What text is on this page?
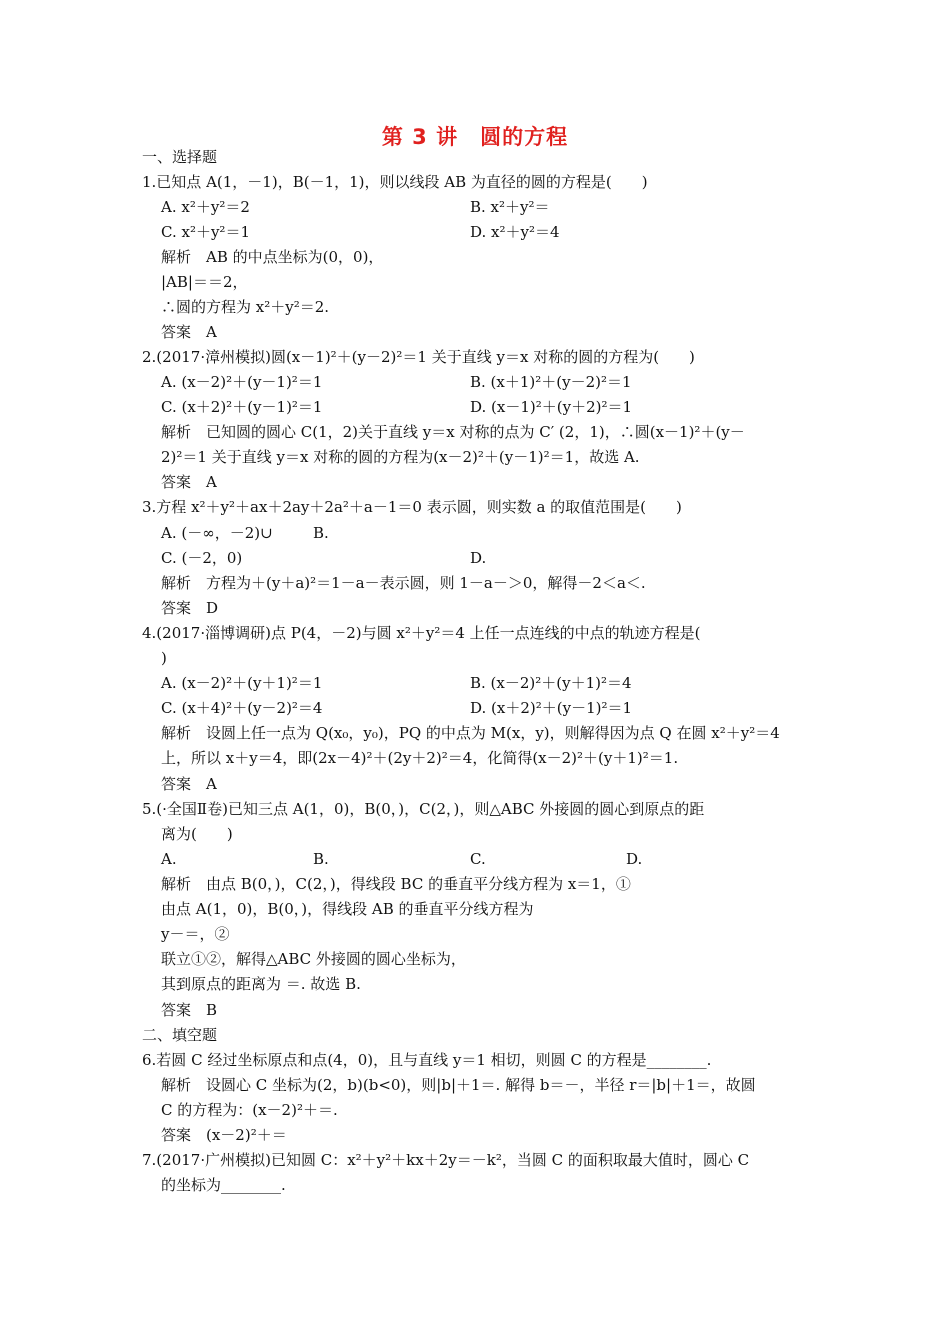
第 3 讲　圆的方程
一、选择题
1.已知点 A(1，－1)，B(－1，1)，则以线段 AB 为直径的圆的方程是(　　)
A. x²＋y²＝2	B. x²＋y²＝
C. x²＋y²＝1	D. x²＋y²＝4
解析　AB 的中点坐标为(0，0)，
|AB|＝＝2，
∴圆的方程为 x²＋y²＝2.
答案　A
2.(2017·漳州模拟)圆(x－1)²＋(y－2)²＝1 关于直线 y＝x 对称的圆的方程为(　　)
A. (x－2)²＋(y－1)²＝1	B. (x＋1)²＋(y－2)²＝1
C. (x＋2)²＋(y－1)²＝1	D. (x－1)²＋(y＋2)²＝1
解析　已知圆的圆心 C(1，2)关于直线 y＝x 对称的点为 C′ (2，1)，∴圆(x－1)²＋(y－
2)²＝1 关于直线 y＝x 对称的圆的方程为(x－2)²＋(y－1)²＝1，故选 A.
答案　A
3.方程 x²＋y²＋ax＋2ay＋2a²＋a－1＝0 表示圆，则实数 a 的取值范围是(　　)
A. (－∞，－2)∪	B.
C. (－2，0)	D.
解析　方程为＋(y＋a)²＝1－a－表示圆，则 1－a－＞0，解得－2＜a＜.
答案　D
4.(2017·淄博调研)点 P(4，－2)与圆 x²＋y²＝4 上任一点连线的中点的轨迹方程是(
)
A. (x－2)²＋(y＋1)²＝1	B. (x－2)²＋(y＋1)²＝4
C. (x＋4)²＋(y－2)²＝4	D. (x＋2)²＋(y－1)²＝1
解析　设圆上任一点为 Q(x₀，y₀)，PQ 的中点为 M(x，y)，则解得因为点 Q 在圆 x²＋y²＝4
上，所以 x＋y＝4，即(2x－4)²＋(2y＋2)²＝4，化简得(x－2)²＋(y＋1)²＝1.
答案　A
5.(·全国Ⅱ卷)已知三点 A(1，0)，B(0，)，C(2，)，则△ABC 外接圆的圆心到原点的距
离为(　　)
A.	B.	C.	D.
解析　由点 B(0，)，C(2，)，得线段 BC 的垂直平分线方程为 x＝1，①
由点 A(1，0)，B(0，)，得线段 AB 的垂直平分线方程为
y－＝，②
联立①②，解得△ABC 外接圆的圆心坐标为，
其到原点的距离为 ＝. 故选 B.
答案　B
二、填空题
6.若圆 C 经过坐标原点和点(4，0)，且与直线 y＝1 相切，则圆 C 的方程是________.
解析　设圆心 C 坐标为(2，b)(b<0)，则|b|＋1＝. 解得 b＝－，半径 r＝|b|＋1＝，故圆
C 的方程为：(x－2)²＋＝.
答案　(x－2)²＋＝
7.(2017·广州模拟)已知圆 C：x²＋y²＋kx＋2y＝－k²，当圆 C 的面积取最大值时，圆心 C
的坐标为________.
